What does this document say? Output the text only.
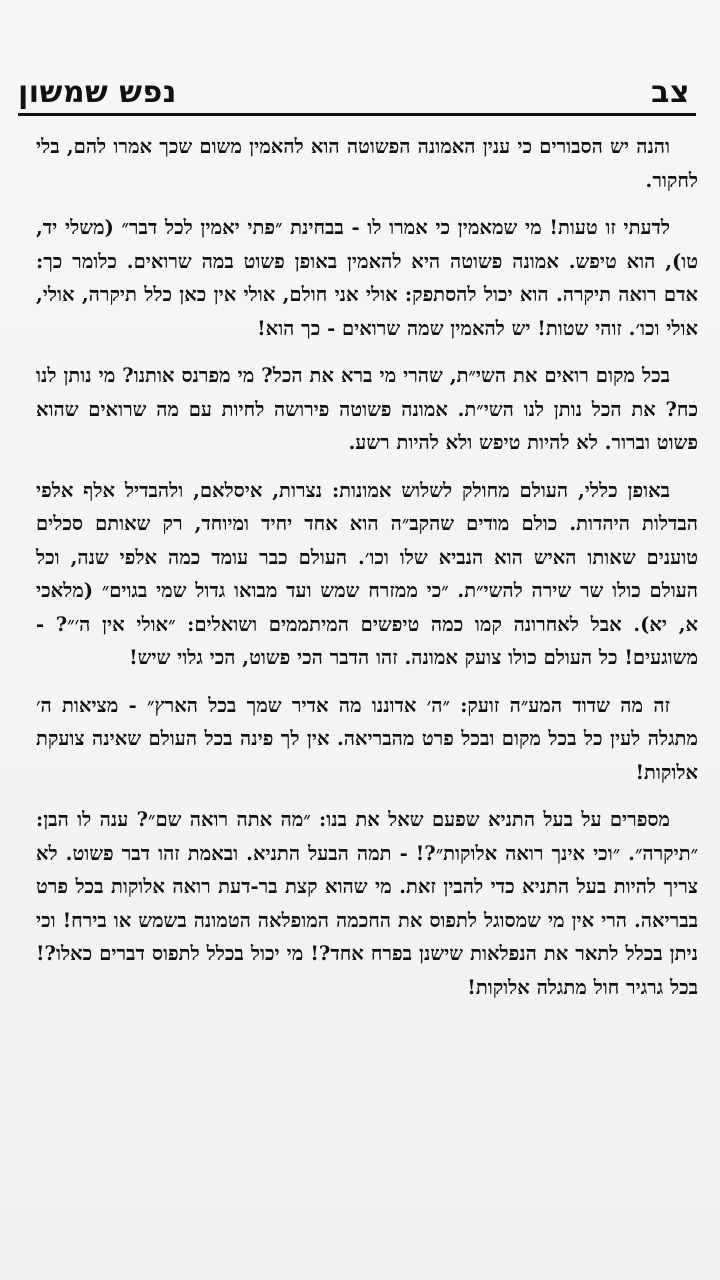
צב
נפש שמשון

והנה יש הסבורים כי ענין האמונה הפשוטה הוא להאמין משום שכך אמרו להם, בלי לחקור.

לדעתי זו טעות! מי שמאמין כי אמרו לו - בבחינת ״פתי יאמין לכל דבר״ (משלי יד, טו), הוא טיפש. אמונה פשוטה היא להאמין באופן פשוט במה שרואים. כלומר כך: אדם רואה תיקרה. הוא יכול להסתפק: אולי אני חולם, אולי אין כאן כלל תיקרה, אולי, אולי וכו׳. זוהי שטות! יש להאמין שמה שרואים - כך הוא!

בכל מקום רואים את השי״ת, שהרי מי ברא את הכל? מי מפרנס אותנו? מי נותן לנו כח? את הכל נותן לנו השי״ת. אמונה פשוטה פירושה לחיות עם מה שרואים שהוא פשוט וברור. לא להיות טיפש ולא להיות רשע.

באופן כללי, העולם מחולק לשלוש אמונות: נצרות, איסלאם, ולהבדיל אלף אלפי הבדלות היהדות. כולם מודים שהקב״ה הוא אחד יחיד ומיוחד, רק שאותם סכלים טוענים שאותו האיש הוא הנביא שלו וכו׳. העולם כבר עומד כמה אלפי שנה, וכל העולם כולו שר שירה להשי״ת. ״כי ממזרח שמש ועד מבואו גדול שמי בגוים״ (מלאכי א, יא). אבל לאחרונה קמו כמה טיפשים המיתממים ושואלים: ״אולי אין ה׳״? - משוגעים! כל העולם כולו צועק אמונה. זהו הדבר הכי פשוט, הכי גלוי שיש!

זה מה שדוד המע״ה זועק: ״ה׳ אדוננו מה אדיר שמך בכל הארץ״ - מציאות ה׳ מתגלה לעין כל בכל מקום ובכל פרט מהבריאה. אין לך פינה בכל העולם שאינה צועקת אלוקות!

מספרים על בעל התניא שפעם שאל את בנו: ״מה אתה רואה שם״? ענה לו הבן: ״תיקרה״. ״וכי אינך רואה אלוקות״?! - תמה הבעל התניא. ובאמת זהו דבר פשוט. לא צריך להיות בעל התניא כדי להבין זאת. מי שהוא קצת בר-דעת רואה אלוקות בכל פרט בבריאה. הרי אין מי שמסוגל לתפוס את החכמה המופלאה הטמונה בשמש או בירח! וכי ניתן בכלל לתאר את הנפלאות שישנן בפרח אחד?! מי יכול בכלל לתפוס דברים כאלו?! בכל גרגיר חול מתגלה אלוקות!
